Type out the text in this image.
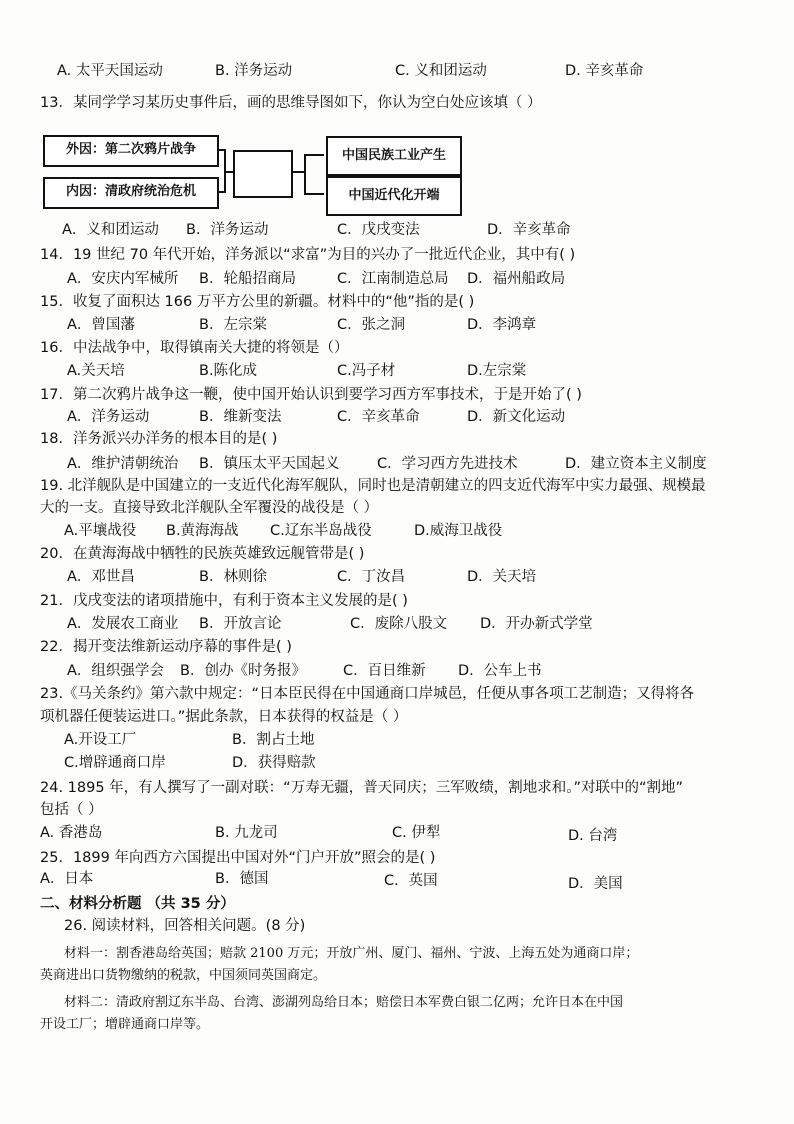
A. 太平天国运动	B. 洋务运动	C. 义和团运动	D. 辛亥革命
13．某同学学习某历史事件后，画的思维导图如下，你认为空白处应该填（ ）
外因：第二次鸦片战争
内因：清政府统治危机
中国民族工业产生
中国近代化开端
A．义和团运动 B．洋务运动	C．戊戌变法	D．辛亥革命
14．19 世纪 70 年代开始，洋务派以“求富”为目的兴办了一批近代企业，其中有( )
A．安庆内军械所 B．轮船招商局	C．江南制造总局 D．福州船政局
15．收复了面积达 166 万平方公里的新疆。材料中的“他”指的是( )
A．曾国藩	B．左宗棠	C．张之洞	D．李鸿章
16．中法战争中，取得镇南关大捷的将领是（）
A.关天培	B.陈化成	C.冯子材	D.左宗棠
17．第二次鸦片战争这一鞭，使中国开始认识到要学习西方军事技术，于是开始了( )
A．洋务运动	B．维新变法	C．辛亥革命	D．新文化运动
18．洋务派兴办洋务的根本目的是( )
A．维护清朝统治 B．镇压太平天国起义	C．学习西方先进技术	D．建立资本主义制度
19. 北洋舰队是中国建立的一支近代化海军舰队，同时也是清朝建立的四支近代海军中实力最强、规模最
大的一支。直接导致北洋舰队全军覆没的战役是（ ）
A.平壤战役 B.黄海海战 C.辽东半岛战役	D.威海卫战役
20．在黄海海战中牺牲的民族英雄致远舰管带是( )
A．邓世昌	B．林则徐	C．丁汝昌	D．关天培
21．戊戌变法的诸项措施中，有利于资本主义发展的是( )
A．发展农工商业 B．开放言论	C．废除八股文 D．开办新式学堂
22．揭开变法维新运动序幕的事件是( )
A．组织强学会 B．创办《时务报》	C．百日维新 D．公车上书
23.《马关条约》第六款中规定：“日本臣民得在中国通商口岸城邑，任便从事各项工艺制造；又得将各
项机器任便装运进口。”据此条款，日本获得的权益是（ ）
A.开设工厂	B．割占土地
C.增辟通商口岸	D．获得赔款
24. 1895 年，有人撰写了一副对联：“万寿无疆，普天同庆；三军败绩，割地求和。”对联中的“割地”
包括（ ）
A. 香港岛	B. 九龙司	C. 伊犁	D. 台湾
25．1899 年向西方六国提出中国对外“门户开放”照会的是( )
A．日本	B．德国	C．英国	D．美国
二、材料分析题 （共 35 分）
26. 阅读材料，回答相关问题。(8 分)
材料一：割香港岛给英国；赔款 2100 万元；开放广州、厦门、福州、宁波、上海五处为通商口岸；
英商进出口货物缴纳的税款，中国须同英国商定。
材料二：清政府割辽东半岛、台湾、澎湖列岛给日本；赔偿日本军费白银二亿两；允许日本在中国
开设工厂；增辟通商口岸等。
